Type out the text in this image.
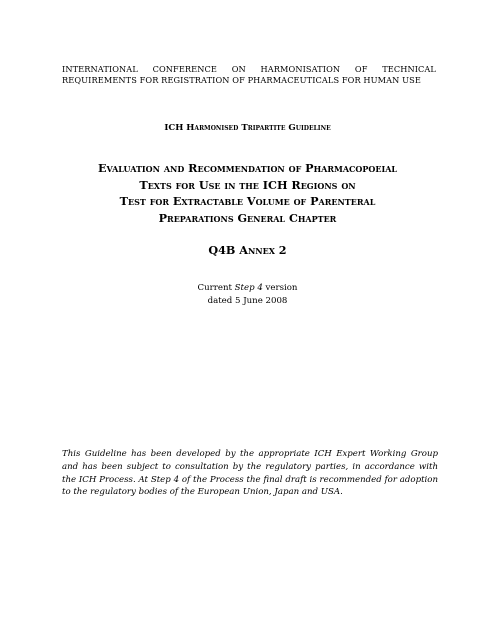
INTERNATIONAL CONFERENCE ON HARMONISATION OF TECHNICAL
REQUIREMENTS FOR REGISTRATION OF PHARMACEUTICALS FOR HUMAN USE
ICH Harmonised Tripartite Guideline
Evaluation and Recommendation of Pharmacopoeial
Texts for Use in the ICH Regions on
Test for Extractable Volume of Parenteral
Preparations General Chapter
Q4B Annex 2
Current Step 4 version
dated 5 June 2008
This Guideline has been developed by the appropriate ICH Expert Working Group and has been subject to consultation by the regulatory parties, in accordance with the ICH Process. At Step 4 of the Process the final draft is recommended for adoption to the regulatory bodies of the European Union, Japan and USA.
